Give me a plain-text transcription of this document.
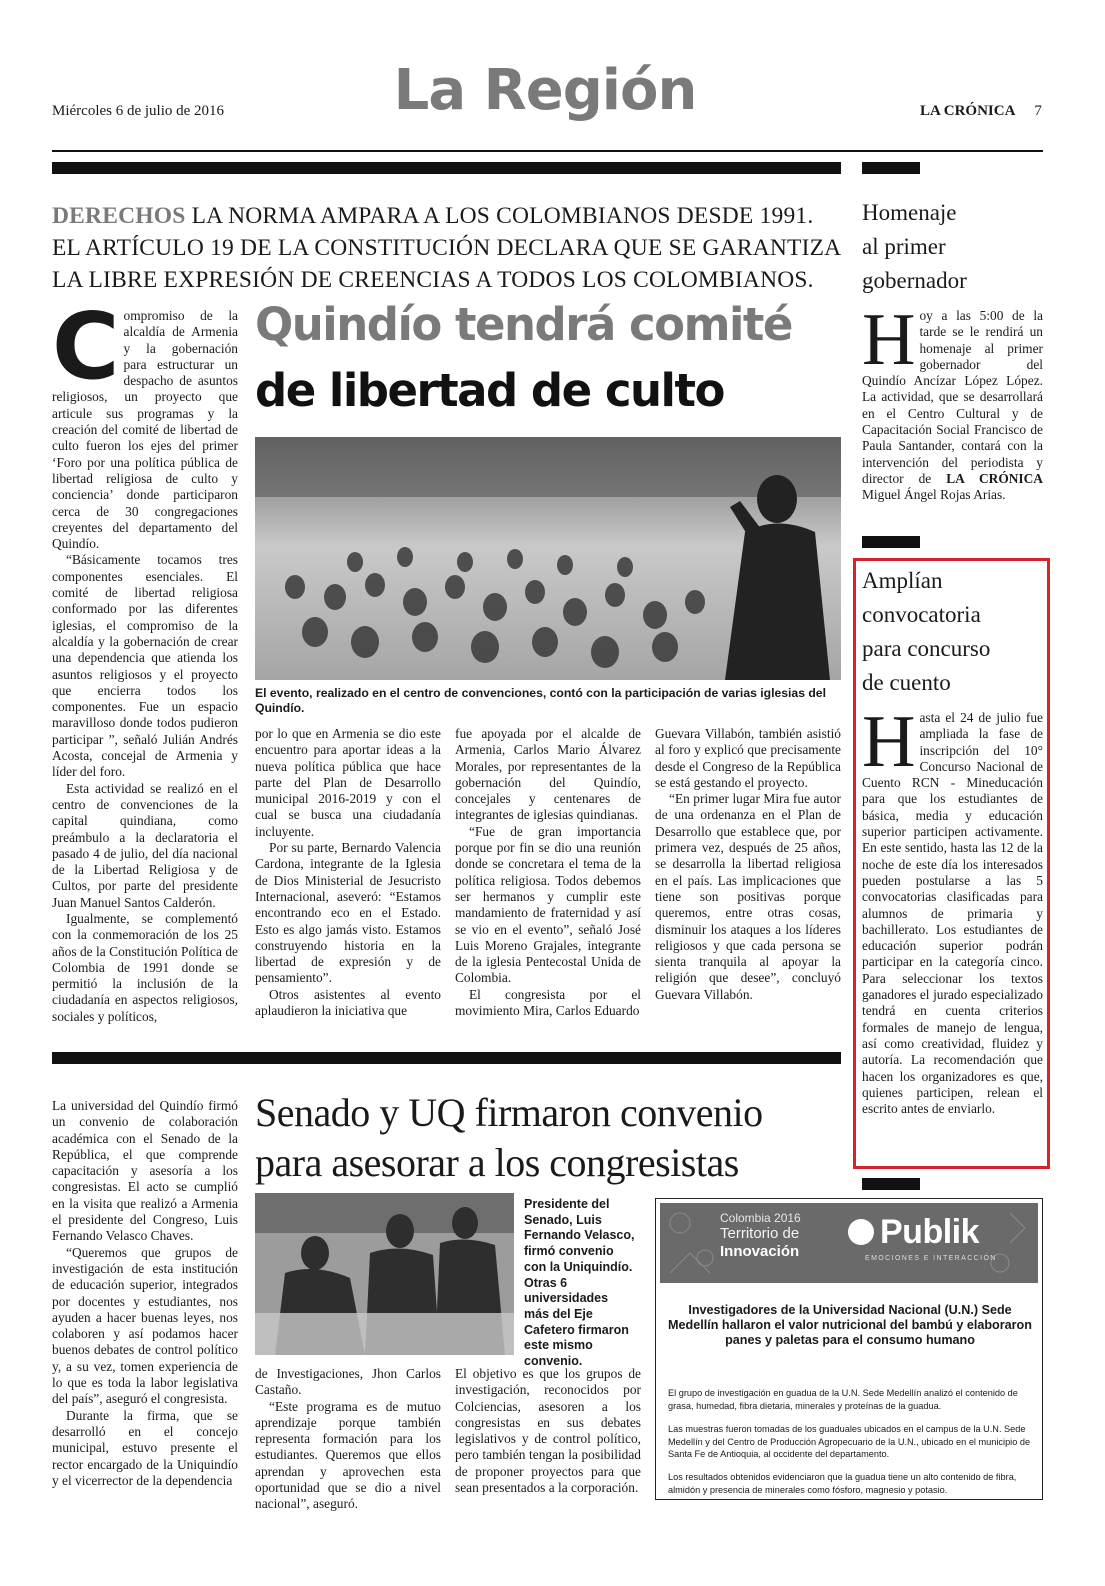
Miércoles 6 de julio de 2016	La Región	LA CRÓNICA 7
DERECHOS LA NORMA AMPARA A LOS COLOMBIANOS DESDE 1991.
EL ARTÍCULO 19 DE LA CONSTITUCIÓN DECLARA QUE SE GARANTIZA
LA LIBRE EXPRESIÓN DE CREENCIAS A TODOS LOS COLOMBIANOS.
Quindío tendrá comité
de libertad de culto
C ompromiso de la alcaldía de Armenia y la gobernación para estructurar un despacho de asuntos religiosos, un proyecto que articule sus programas y la creación del comité de libertad de culto fueron los ejes del primer ‘Foro por una política pública de libertad religiosa de culto y conciencia’ donde participaron cerca de 30 congregaciones creyentes del departamento del Quindío.

“Básicamente tocamos tres componentes esenciales. El comité de libertad religiosa conformado por las diferentes iglesias, el compromiso de la alcaldía y la gobernación de crear una dependencia que atienda los asuntos religiosos y el proyecto que encierra todos los componentes. Fue un espacio maravilloso donde todos pudieron participar ”, señaló Julián Andrés Acosta, concejal de Armenia y líder del foro.

Esta actividad se realizó en el centro de convenciones de la capital quindiana, como preámbulo a la declaratoria el pasado 4 de julio, del día nacional de la Libertad Religiosa y de Cultos, por parte del presidente Juan Manuel Santos Calderón.

Igualmente, se complementó con la conmemoración de los 25 años de la Constitución Política de Colombia de 1991 donde se permitió la inclusión de la ciudadanía en aspectos religiosos, sociales y políticos,

El evento, realizado en el centro de convenciones, contó con la participación de varias iglesias del Quindío.

por lo que en Armenia se dio este encuentro para aportar ideas a la nueva política pública que hace parte del Plan de Desarrollo municipal 2016-2019 y con el cual se busca una ciudadanía incluyente.

Por su parte, Bernardo Valencia Cardona, integrante de la Iglesia de Dios Ministerial de Jesucristo Internacional, aseveró: “Estamos encontrando eco en el Estado. Esto es algo jamás visto. Estamos construyendo historia en la libertad de expresión y de pensamiento”.

Otros asistentes al evento aplaudieron la iniciativa que

fue apoyada por el alcalde de Armenia, Carlos Mario Álvarez Morales, por representantes de la gobernación del Quindío, concejales y centenares de integrantes de iglesias quindianas.

“Fue de gran importancia porque por fin se dio una reunión donde se concretara el tema de la política religiosa. Todos debemos ser hermanos y cumplir este mandamiento de fraternidad y así se vio en el evento”, señaló José Luis Moreno Grajales, integrante de la iglesia Pentecostal Unida de Colombia.

El congresista por el movimiento Mira, Carlos Eduardo

Guevara Villabón, también asistió al foro y explicó que precisamente desde el Congreso de la República se está gestando el proyecto.

“En primer lugar Mira fue autor de una ordenanza en el Plan de Desarrollo que establece que, por primera vez, después de 25 años, se desarrolla la libertad religiosa en el país. Las implicaciones que tiene son positivas porque queremos, entre otras cosas, disminuir los ataques a los líderes religiosos y que cada persona se sienta tranquila al apoyar la religión que desee”, concluyó Guevara Villabón.

Homenaje
al primer
gobernador
H oy a las 5:00 de la tarde se le rendirá un homenaje al primer gobernador del Quindío Ancízar López López. La actividad, que se desarrollará en el Centro Cultural y de Capacitación Social Francisco de Paula Santander, contará con la intervención del periodista y director de LA CRÓNICA Miguel Ángel Rojas Arias.

Amplían
convocatoria
para concurso
de cuento
H asta el 24 de julio fue ampliada la fase de inscripción del 10° Concurso Nacional de Cuento RCN - Mineducación para que los estudiantes de básica, media y educación superior participen activamente. En este sentido, hasta las 12 de la noche de este día los interesados pueden postularse a las 5 convocatorias clasificadas para alumnos de primaria y bachillerato. Los estudiantes de educación superior podrán participar en la categoría cinco. Para seleccionar los textos ganadores el jurado especializado tendrá en cuenta criterios formales de manejo de lengua, así como creatividad, fluidez y autoría. La recomendación que hacen los organizadores es que, quienes participen, relean el escrito antes de enviarlo.

La universidad del Quindío firmó un convenio de colaboración académica con el Senado de la República, el que comprende capacitación y asesoría a los congresistas. El acto se cumplió en la visita que realizó a Armenia el presidente del Congreso, Luis Fernando Velasco Chaves.

“Queremos que grupos de investigación de esta institución de educación superior, integrados por docentes y estudiantes, nos ayuden a hacer buenas leyes, nos colaboren y así podamos hacer buenos debates de control político y, a su vez, tomen experiencia de lo que es toda la labor legislativa del país”, aseguró el congresista.

Durante la firma, que se desarrolló en el concejo municipal, estuvo presente el rector encargado de la Uniquindío y el vicerrector de la dependencia

Senado y UQ firmaron convenio
para asesorar a los congresistas
Presidente del Senado, Luis Fernando Velasco, firmó convenio con la Uniquindío. Otras 6 universidades más del Eje Cafetero firmaron este mismo convenio.

de Investigaciones, Jhon Carlos Castaño.

“Este programa es de mutuo aprendizaje porque también representa formación para los estudiantes. Queremos que ellos aprendan y aprovechen esta oportunidad que se dio a nivel nacional”, aseguró.

El objetivo es que los grupos de investigación, reconocidos por Colciencias, asesoren a los congresistas en sus debates legislativos y de control político, pero también tengan la posibilidad de proponer proyectos para que sean presentados a la corporación.

Colombia 2016
Territorio de
Innovación
Publik
EMOCIONES E INTERACCIÓN
Investigadores de la Universidad Nacional (U.N.) Sede Medellín hallaron el valor nutricional del bambú y elaboraron panes y paletas para el consumo humano
El grupo de investigación en guadua de la U.N. Sede Medellín analizó el contenido de grasa, humedad, fibra dietaria, minerales y proteínas de la guadua.
Las muestras fueron tomadas de los guaduales ubicados en el campus de la U.N. Sede Medellín y del Centro de Producción Agropecuario de la U.N., ubicado en el municipio de Santa Fe de Antioquia, al occidente del departamento.
Los resultados obtenidos evidenciaron que la guadua tiene un alto contenido de fibra, almidón y presencia de minerales como fósforo, magnesio y potasio.
